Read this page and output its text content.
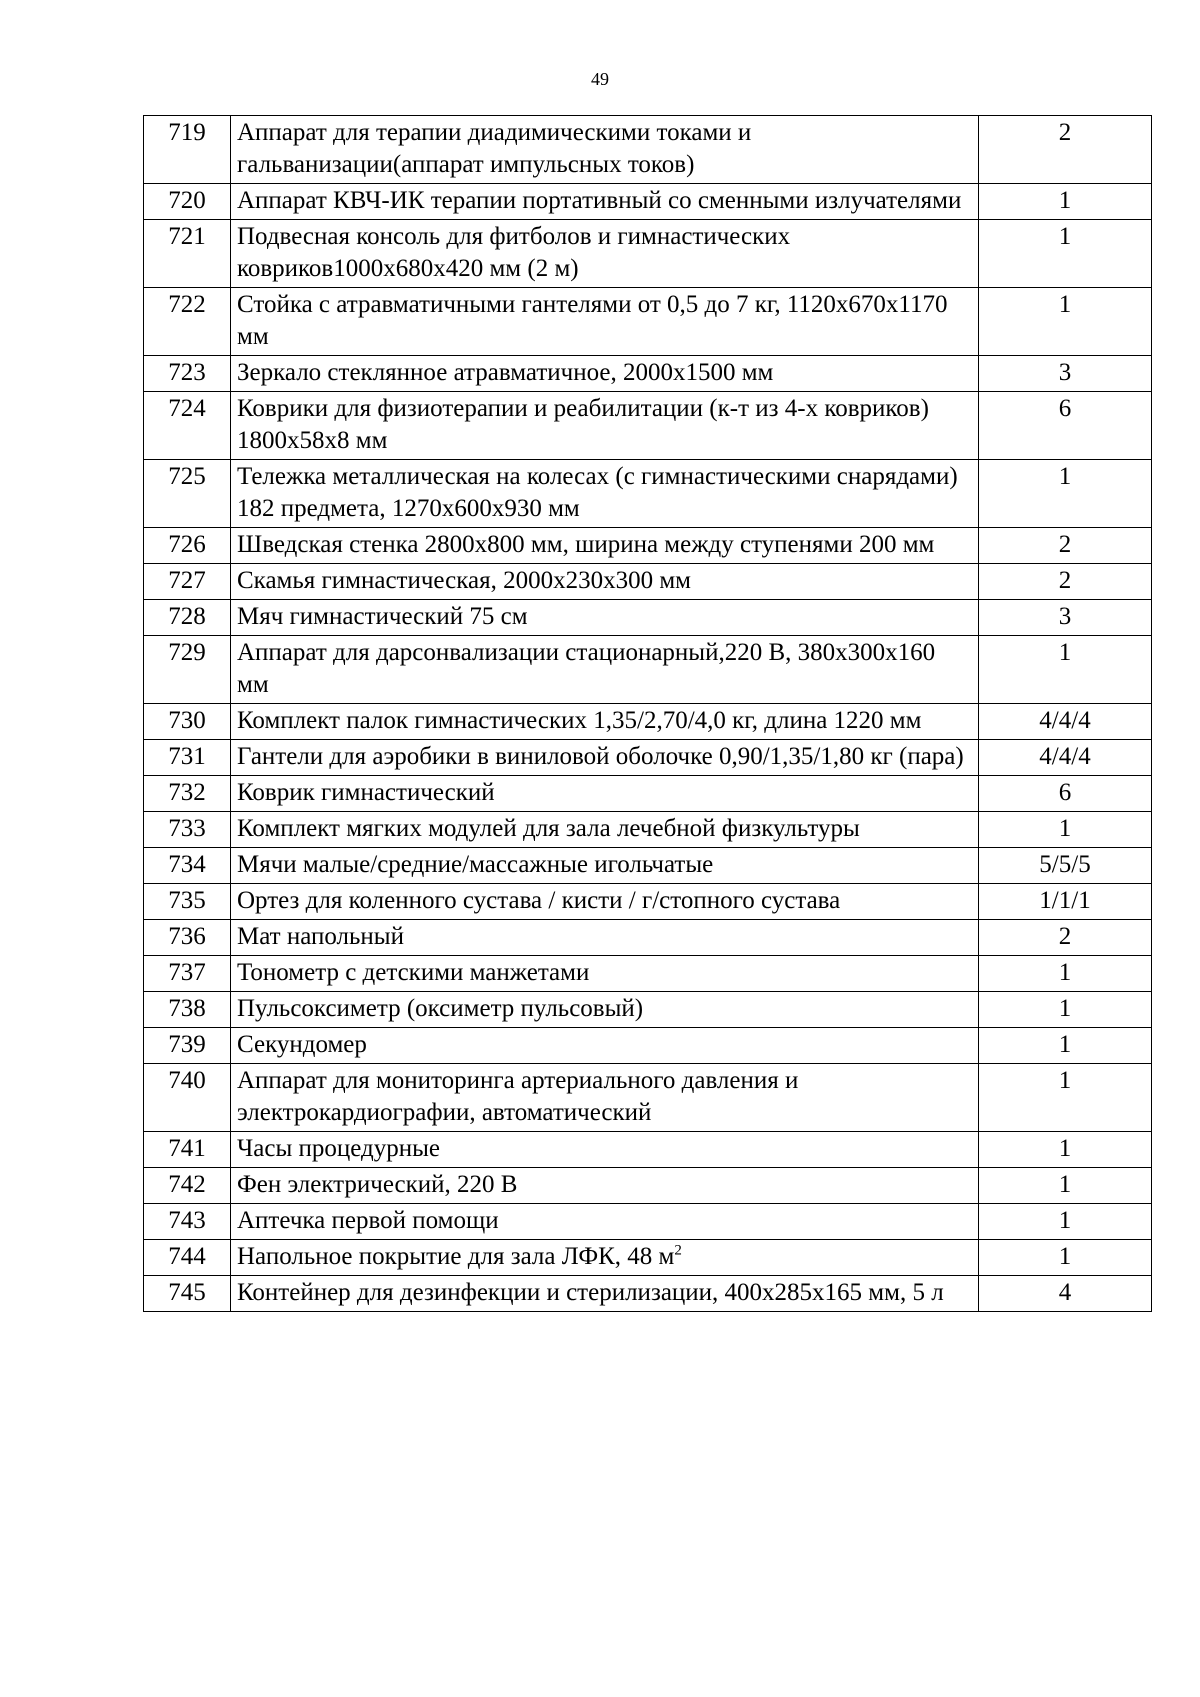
49
719	Аппарат для терапии диадимическими токами и гальванизации(аппарат импульсных токов)	2
720	Аппарат КВЧ-ИК терапии портативный со сменными излучателями	1
721	Подвесная консоль для фитболов и гимнастических ковриков1000х680х420 мм (2 м)	1
722	Стойка с атравматичными гантелями от 0,5 до 7 кг, 1120х670х1170 мм	1
723	Зеркало стеклянное атравматичное, 2000х1500 мм	3
724	Коврики для физиотерапии и реабилитации (к-т из 4-х ковриков) 1800х58х8 мм	6
725	Тележка металлическая на колесах (с гимнастическими снарядами) 182 предмета, 1270х600х930 мм	1
726	Шведская стенка 2800х800 мм, ширина между ступенями 200 мм	2
727	Скамья гимнастическая, 2000х230х300 мм	2
728	Мяч гимнастический 75 см	3
729	Аппарат для дарсонвализации стационарный,220 В, 380х300х160 мм	1
730	Комплект палок гимнастических 1,35/2,70/4,0 кг, длина 1220 мм	4/4/4
731	Гантели для аэробики в виниловой оболочке 0,90/1,35/1,80 кг (пара)	4/4/4
732	Коврик гимнастический	6
733	Комплект мягких модулей для зала лечебной физкультуры	1
734	Мячи малые/средние/массажные игольчатые	5/5/5
735	Ортез для коленного сустава / кисти / г/стопного сустава	1/1/1
736	Мат напольный	2
737	Тонометр с детскими манжетами	1
738	Пульсоксиметр (оксиметр пульсовый)	1
739	Секундомер	1
740	Аппарат для мониторинга артериального давления и электрокардиографии, автоматический	1
741	Часы процедурные	1
742	Фен электрический, 220 В	1
743	Аптечка первой помощи	1
744	Напольное покрытие для зала ЛФК, 48 $м^2$	1
745	Контейнер для дезинфекции и стерилизации, 400х285х165 мм, 5 л	4
